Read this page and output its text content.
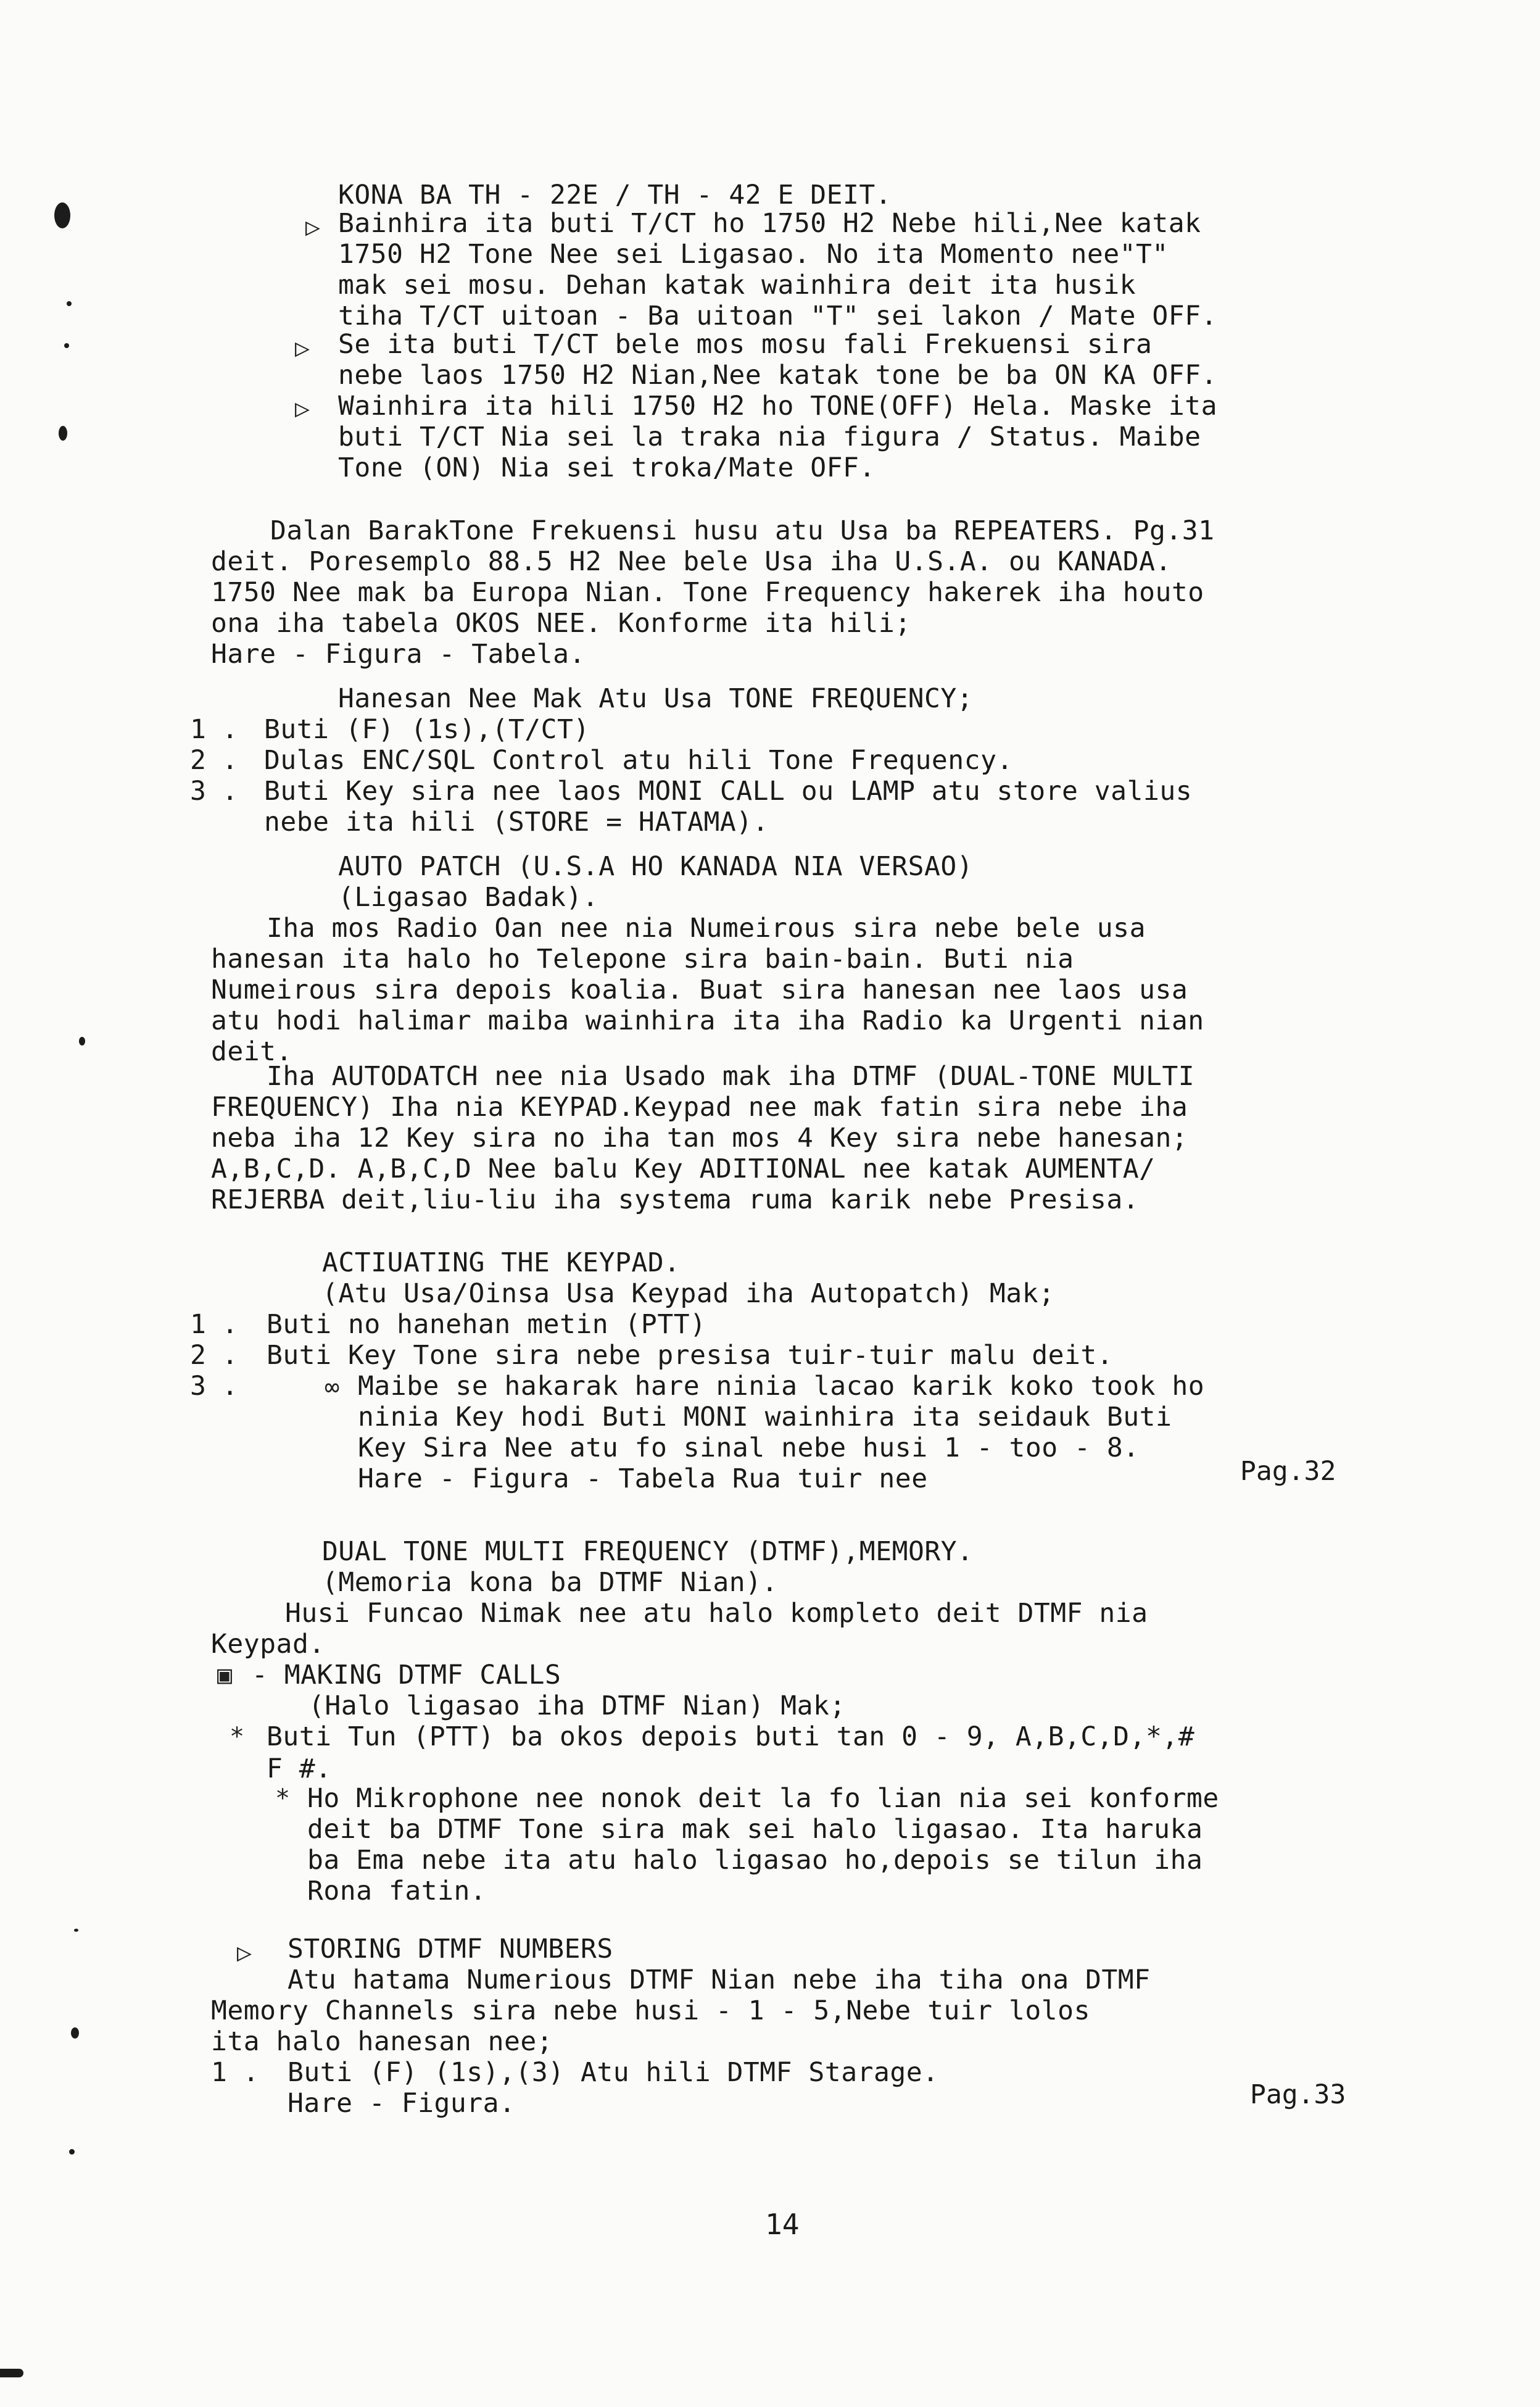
KONA BA TH - 22E / TH - 42 E DEIT.
▷ Bainhira ita buti T/CT ho 1750 H2 Nebe hili,Nee katak
1750 H2 Tone Nee sei Ligasao. No ita Momento nee"T"
mak sei mosu. Dehan katak wainhira deit ita husik
tiha T/CT uitoan - Ba uitoan "T" sei lakon / Mate OFF.
▷ Se ita buti T/CT bele mos mosu fali Frekuensi sira
nebe laos 1750 H2 Nian,Nee katak tone be ba ON KA OFF.
▷ Wainhira ita hili 1750 H2 ho TONE(OFF) Hela. Maske ita
buti T/CT Nia sei la traka nia figura / Status. Maibe
Tone (ON) Nia sei troka/Mate OFF.
Dalan BarakTone Frekuensi husu atu Usa ba REPEATERS. Pg.31
deit. Poresemplo 88.5 H2 Nee bele Usa iha U.S.A. ou KANADA.
1750 Nee mak ba Europa Nian. Tone Frequency hakerek iha houto
ona iha tabela OKOS NEE. Konforme ita hili;
Hare - Figura - Tabela.
Hanesan Nee Mak Atu Usa TONE FREQUENCY;
1 . Buti (F) (1s),(T/CT)
2 . Dulas ENC/SQL Control atu hili Tone Frequency.
3 . Buti Key sira nee laos MONI CALL ou LAMP atu store valius
nebe ita hili (STORE = HATAMA).
AUTO PATCH (U.S.A HO KANADA NIA VERSAO)
(Ligasao Badak).
Iha mos Radio Oan nee nia Numeirous sira nebe bele usa
hanesan ita halo ho Telepone sira bain-bain. Buti nia
Numeirous sira depois koalia. Buat sira hanesan nee laos usa
atu hodi halimar maiba wainhira ita iha Radio ka Urgenti nian
deit.
Iha AUTODATCH nee nia Usado mak iha DTMF (DUAL-TONE MULTI
FREQUENCY) Iha nia KEYPAD.Keypad nee mak fatin sira nebe iha
neba iha 12 Key sira no iha tan mos 4 Key sira nebe hanesan;
A,B,C,D. A,B,C,D Nee balu Key ADITIONAL nee katak AUMENTA/
REJERBA deit,liu-liu iha systema ruma karik nebe Presisa.
ACTIUATING THE KEYPAD.
(Atu Usa/Oinsa Usa Keypad iha Autopatch) Mak;
1 . Buti no hanehan metin (PTT)
2 . Buti Key Tone sira nebe presisa tuir-tuir malu deit.
3 .	∞ Maibe se hakarak hare ninia lacao karik koko took ho
ninia Key hodi Buti MONI wainhira ita seidauk Buti
Key Sira Nee atu fo sinal nebe husi 1 - too - 8.
Hare - Figura - Tabela Rua tuir nee	Pag.32
DUAL TONE MULTI FREQUENCY (DTMF),MEMORY.
(Memoria kona ba DTMF Nian).
Husi Funcao Nimak nee atu halo kompleto deit DTMF nia
Keypad.
▣ - MAKING DTMF CALLS
(Halo ligasao iha DTMF Nian) Mak;
* Buti Tun (PTT) ba okos depois buti tan 0 - 9, A,B,C,D,*,#
F #.
* Ho Mikrophone nee nonok deit la fo lian nia sei konforme
deit ba DTMF Tone sira mak sei halo ligasao. Ita haruka
ba Ema nebe ita atu halo ligasao ho,depois se tilun iha
Rona fatin.
▷ STORING DTMF NUMBERS
Atu hatama Numerious DTMF Nian nebe iha tiha ona DTMF
Memory Channels sira nebe husi - 1 - 5,Nebe tuir lolos
ita halo hanesan nee;
1 . Buti (F) (1s),(3) Atu hili DTMF Starage.
Hare - Figura.	Pag.33
14
